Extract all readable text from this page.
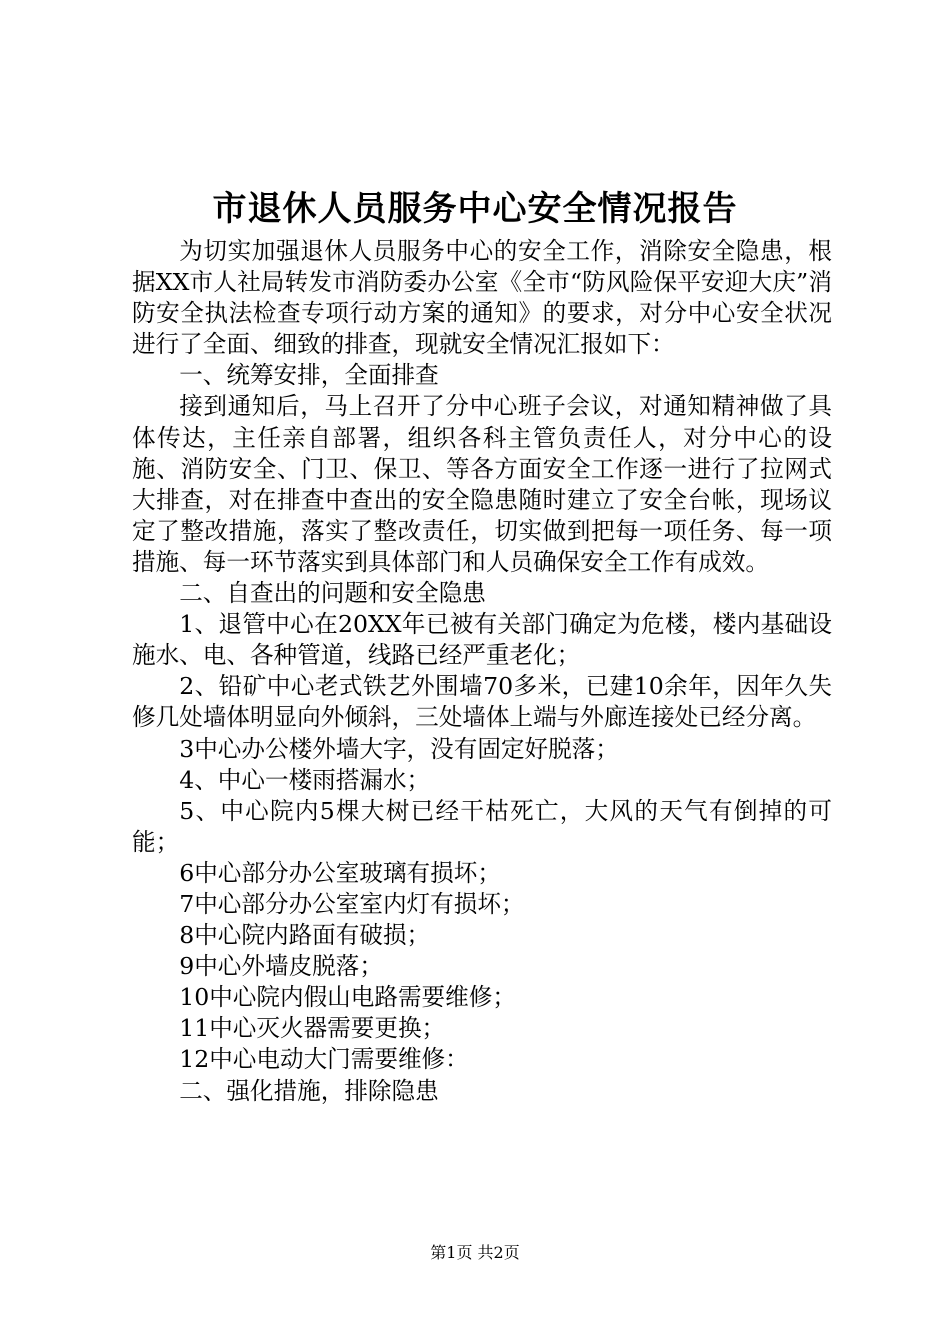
市退休人员服务中心安全情况报告

为切实加强退休人员服务中心的安全工作，消除安全隐患，根据XX市人社局转发市消防委办公室《全市“防风险保平安迎大庆”消防安全执法检查专项行动方案的通知》的要求，对分中心安全状况进行了全面、细致的排查，现就安全情况汇报如下：

一、统筹安排，全面排查

接到通知后，马上召开了分中心班子会议，对通知精神做了具体传达，主任亲自部署，组织各科主管负责任人，对分中心的设施、消防安全、门卫、保卫、等各方面安全工作逐一进行了拉网式大排查，对在排查中查出的安全隐患随时建立了安全台帐，现场议定了整改措施，落实了整改责任，切实做到把每一项任务、每一项措施、每一环节落实到具体部门和人员确保安全工作有成效。

二、自查出的问题和安全隐患

1、退管中心在20XX年已被有关部门确定为危楼，楼内基础设施水、电、各种管道，线路已经严重老化；

2、铅矿中心老式铁艺外围墙70多米，已建10余年，因年久失修几处墙体明显向外倾斜，三处墙体上端与外廊连接处已经分离。

3中心办公楼外墙大字，没有固定好脱落；

4、中心一楼雨搭漏水；

5、中心院内5棵大树已经干枯死亡，大风的天气有倒掉的可能；

6中心部分办公室玻璃有损坏；

7中心部分办公室室内灯有损坏；

8中心院内路面有破损；

9中心外墙皮脱落；

10中心院内假山电路需要维修；

11中心灭火器需要更换；

12中心电动大门需要维修：

二、强化措施，排除隐患

第1页 共2页
